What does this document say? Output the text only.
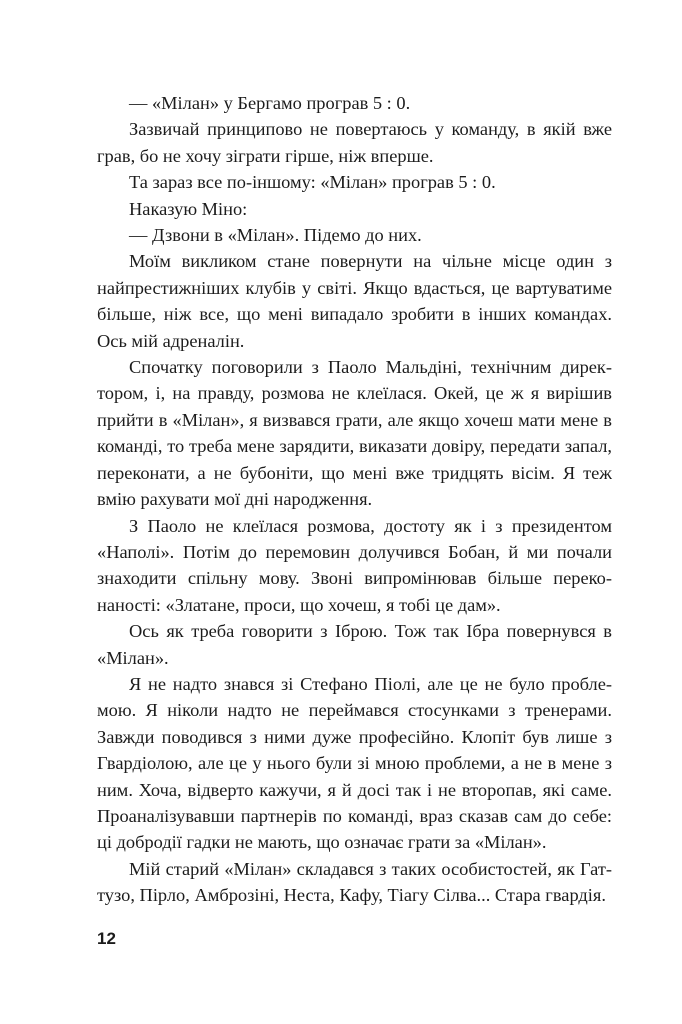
— «Мілан» у Бергамо програв 5 : 0.

Зазвичай принципово не повертаюсь у команду, в якій вже грав, бо не хочу зіграти гірше, ніж вперше.

Та зараз все по-іншому: «Мілан» програв 5 : 0.

Наказую Міно:

— Дзвони в «Мілан». Підемо до них.

Моїм викликом стане повернути на чільне місце один з найпрестижніших клубів у світі. Якщо вдасться, це вартуватиме більше, ніж все, що мені випадало зробити в інших командах. Ось мій адреналін.

Спочатку поговорили з Паоло Мальдіні, технічним директором, і, на правду, розмова не клеїлася. Окей, це ж я вирішив прийти в «Мілан», я визвався грати, але якщо хочеш мати мене в команді, то треба мене зарядити, виказати довіру, передати запал, переконати, а не бубоніти, що мені вже тридцять вісім. Я теж вмію рахувати мої дні народження.

З Паоло не клеїлася розмова, достоту як і з президентом «Наполі». Потім до перемовин долучився Бобан, й ми почали знаходити спільну мову. Звоні випромінював більше переконаності: «Златане, проси, що хочеш, я тобі це дам».

Ось як треба говорити з Іброю. Тож так Ібра повернувся в «Мілан».

Я не надто знався зі Стефано Піолі, але це не було проблемою. Я ніколи надто не переймався стосунками з тренерами. Завжди поводився з ними дуже професійно. Клопіт був лише з Гвардіолою, але це у нього були зі мною проблеми, а не в мене з ним. Хоча, відверто кажучи, я й досі так і не второпав, які саме. Проаналізувавши партнерів по команді, враз сказав сам до себе: ці добродії гадки не мають, що означає грати за «Мілан».

Мій старий «Мілан» складався з таких особистостей, як Гаттузо, Пірло, Амброзіні, Неста, Кафу, Тіагу Сілва... Стара гвардія.

12
